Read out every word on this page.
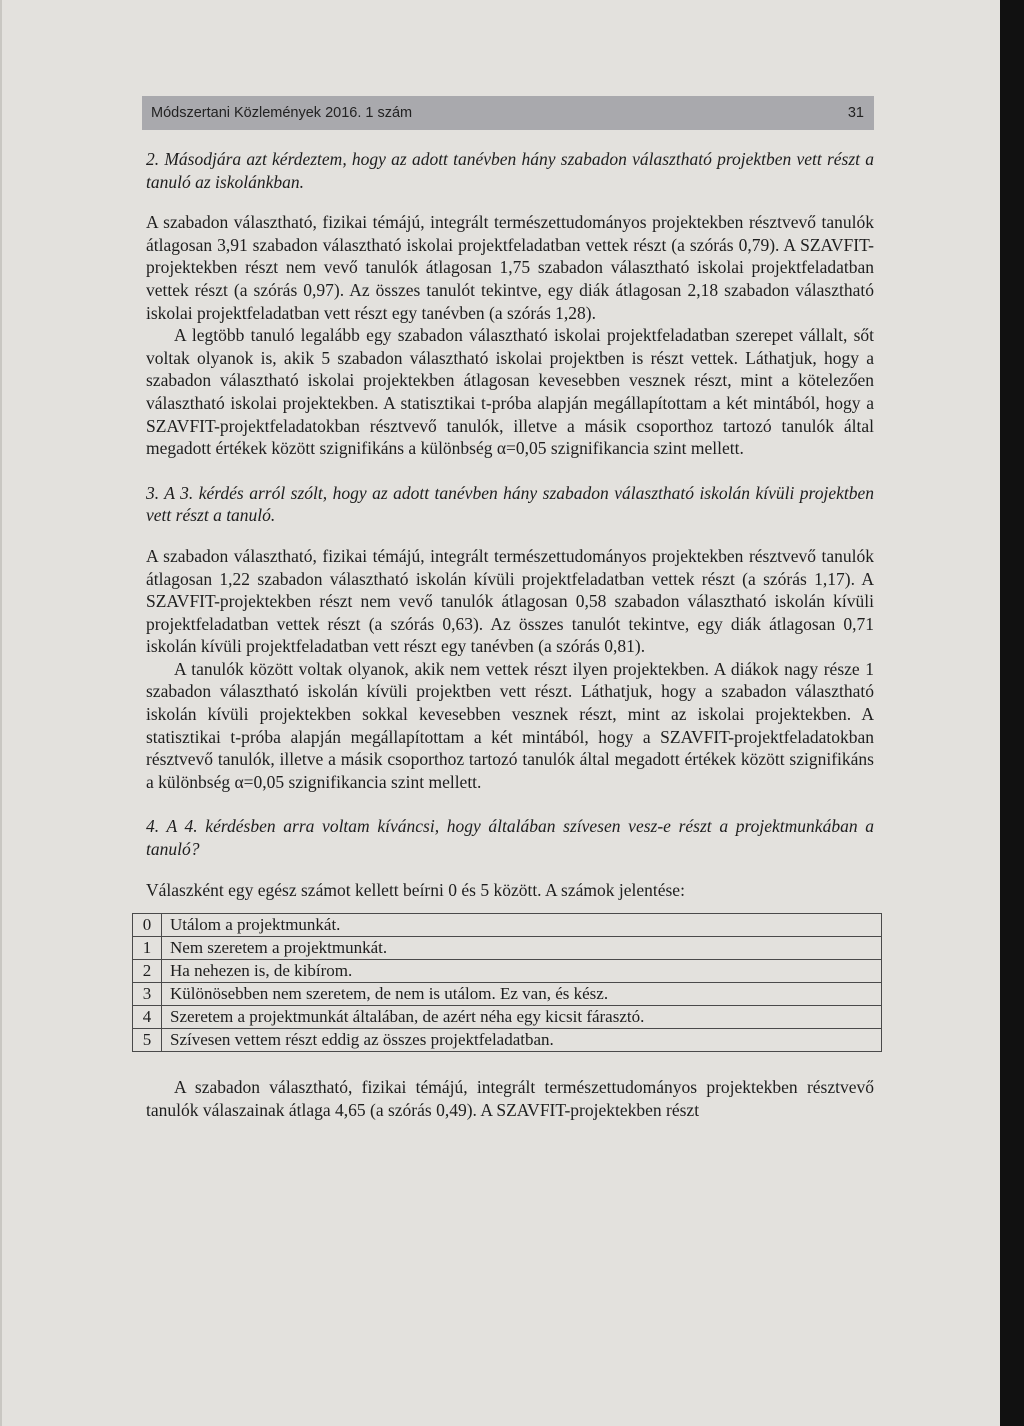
Módszertani Közlemények 2016. 1 szám	31

2. Másodjára azt kérdeztem, hogy az adott tanévben hány szabadon választható projektben vett részt a tanuló az iskolánkban.

A szabadon választható, fizikai témájú, integrált természettudományos projektekben résztvevő tanulók átlagosan 3,91 szabadon választható iskolai projektfeladatban vettek részt (a szórás 0,79). A SZAVFIT-projektekben részt nem vevő tanulók átlagosan 1,75 szabadon választható iskolai projektfeladatban vettek részt (a szórás 0,97). Az összes tanulót tekintve, egy diák átlagosan 2,18 szabadon választható iskolai projektfeladatban vett részt egy tanévben (a szórás 1,28).

A legtöbb tanuló legalább egy szabadon választható iskolai projektfeladatban szerepet vállalt, sőt voltak olyanok is, akik 5 szabadon választható iskolai projektben is részt vettek. Láthatjuk, hogy a szabadon választható iskolai projektekben átlagosan kevesebben vesznek részt, mint a kötelezően választható iskolai projektekben. A statisztikai t-próba alapján megállapítottam a két mintából, hogy a SZAVFIT-projektfeladatokban résztvevő tanulók, illetve a másik csoporthoz tartozó tanulók által megadott értékek között szignifikáns a különbség α=0,05 szignifikancia szint mellett.

3. A 3. kérdés arról szólt, hogy az adott tanévben hány szabadon választható iskolán kívüli projektben vett részt a tanuló.

A szabadon választható, fizikai témájú, integrált természettudományos projektekben résztvevő tanulók átlagosan 1,22 szabadon választható iskolán kívüli projektfeladatban vettek részt (a szórás 1,17). A SZAVFIT-projektekben részt nem vevő tanulók átlagosan 0,58 szabadon választható iskolán kívüli projektfeladatban vettek részt (a szórás 0,63). Az összes tanulót tekintve, egy diák átlagosan 0,71 iskolán kívüli projektfeladatban vett részt egy tanévben (a szórás 0,81).

A tanulók között voltak olyanok, akik nem vettek részt ilyen projektekben. A diákok nagy része 1 szabadon választható iskolán kívüli projektben vett részt. Láthatjuk, hogy a szabadon választható iskolán kívüli projektekben sokkal kevesebben vesznek részt, mint az iskolai projektekben. A statisztikai t-próba alapján megállapítottam a két mintából, hogy a SZAVFIT-projektfeladatokban résztvevő tanulók, illetve a másik csoporthoz tartozó tanulók által megadott értékek között szignifikáns a különbség α=0,05 szignifikancia szint mellett.

4. A 4. kérdésben arra voltam kíváncsi, hogy általában szívesen vesz-e részt a projektmunkában a tanuló?

Válaszként egy egész számot kellett beírni 0 és 5 között. A számok jelentése:

0	Utálom a projektmunkát.
1	Nem szeretem a projektmunkát.
2	Ha nehezen is, de kibírom.
3	Különösebben nem szeretem, de nem is utálom. Ez van, és kész.
4	Szeretem a projektmunkát általában, de azért néha egy kicsit fárasztó.
5	Szívesen vettem részt eddig az összes projektfeladatban.

A szabadon választható, fizikai témájú, integrált természettudományos projektekben résztvevő tanulók válaszainak átlaga 4,65 (a szórás 0,49). A SZAVFIT-projektekben részt
